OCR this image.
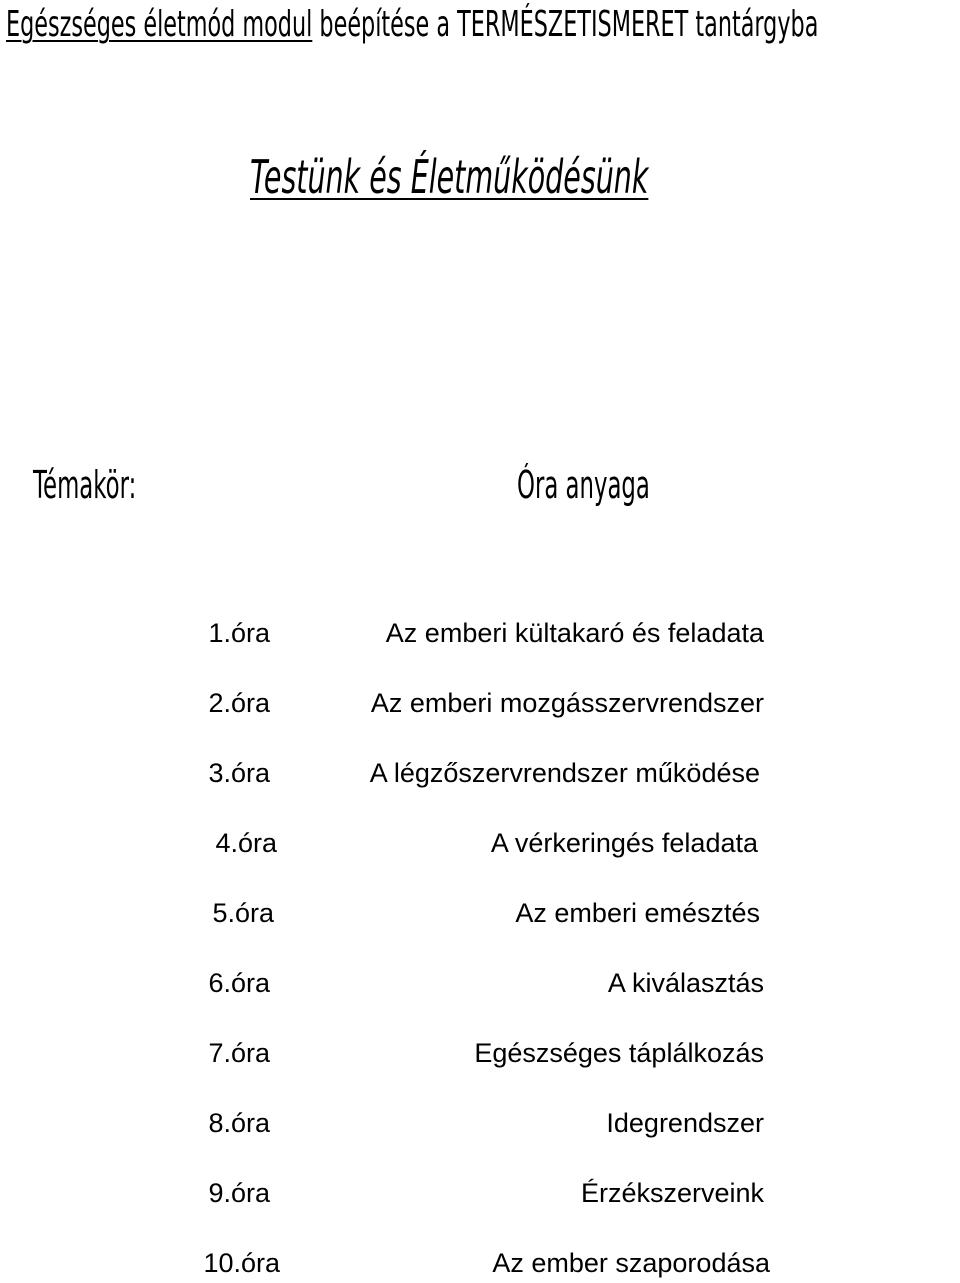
Egészséges életmód modul beépítése a TERMÉSZETISMERET tantárgyba
Testünk és Életműködésünk
Témakör:	Óra anyaga
1.óra	Az emberi kültakaró és feladata
2.óra	Az emberi mozgásszervrendszer
3.óra	A légzőszervrendszer működése
4.óra	A vérkeringés feladata
5.óra	Az emberi emésztés
6.óra	A kiválasztás
7.óra	Egészséges táplálkozás
8.óra	Idegrendszer
9.óra	Érzékszerveink
10.óra	Az ember szaporodása
